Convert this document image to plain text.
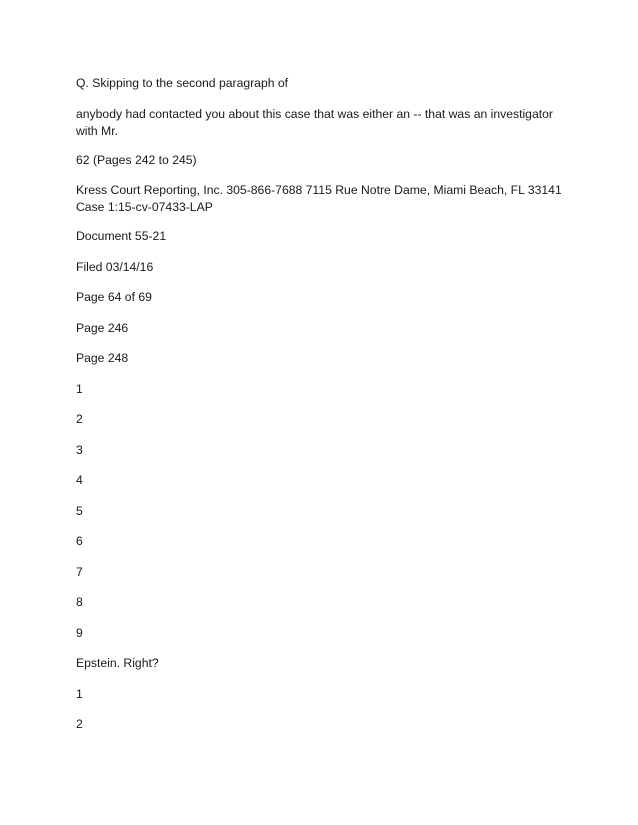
Q. Skipping to the second paragraph of
anybody had contacted you about this case that was either an -- that was an investigator with Mr.
62 (Pages 242 to 245)
Kress Court Reporting, Inc. 305-866-7688 7115 Rue Notre Dame, Miami Beach, FL 33141 Case 1:15-cv-07433-LAP
Document 55-21
Filed 03/14/16
Page 64 of 69
Page 246
Page 248
1
2
3
4
5
6
7
8
9
Epstein. Right?
1
2
